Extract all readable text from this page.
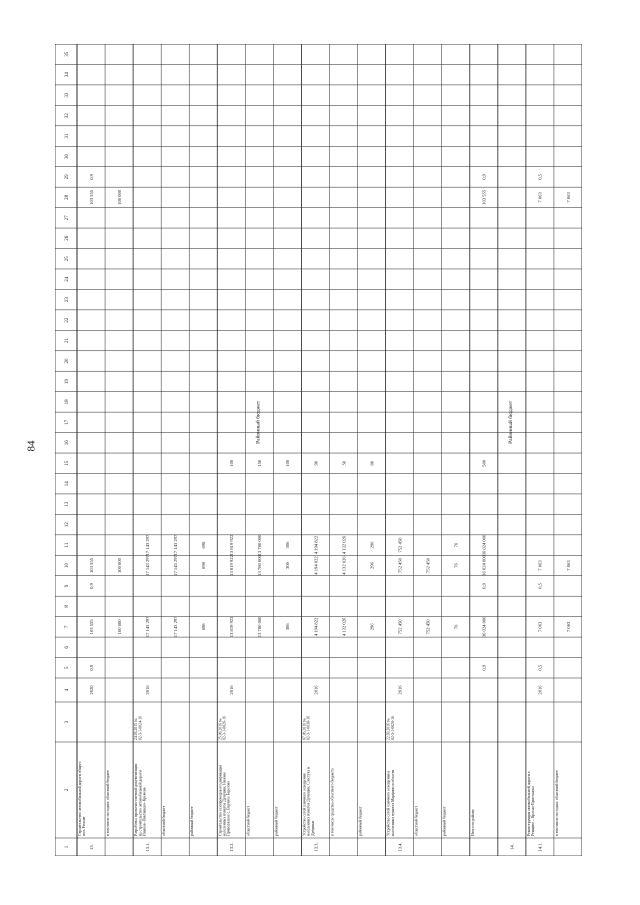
84
1
2
3
4
5
6
7
8
9
10
11
12
13
14
15
16
17
18
19
20
21
22
23
24
25
26
27
28
29
30
31
32
33
34
35
Районный бюджет	Районный бюджет
13.
Строительство автомобильной дороги общего пол. Ремонт
2020
0,9
103 555
0,9
103 555
103 555
0,9
в том числе по годам: областной бюджет
100 000
100 000
100 000
13.1.
Разработка проектно-сметной документации на строительство автомобильной дороги Ишаков–Пиктяшево–Кремень
24.03.2015 № 02-3-1-0024-16
2016
17 143 297
17 143 297
17 143 297
областной бюджет
17 143 297
17 143 297
17 143 297
районный бюджет
698
698
698
13.2.
Строительство газопроводов и газификация населенных пунктов Дунушки, Нижнее Приволжское с. Верхнее Березово
25.06.2016 № 02-3-1-0026-16
2016
13 819 922
13 819 922
13 819 922
100
областной бюджет
13 780 000
13 780 000
13 780 000
150
районный бюджет
306
306
306
100
13.3.
Устройство сетей уличного освещения населенных пунктов Дунушки, Сластуха и Дунушки
07.06.2016 № 02-3-1-0038-16
2016
4 194 822
4 194 822
4 194 822
90
в том числе средства областного бюджета
4 132 026
4 132 026
4 132 026
50
районный бюджет
296
296
296
80
13.4.
Устройство сетей уличного освещения в населенных пунктах Марфино и области
22.03.2016 № 02-3-1-0020-16
2016
752 450
752 450
752 450
областной бюджет
752 450
752 450
районный бюджет
76
76
76
Итого по району
0,9
36 024 000
0,9
36 024 000
36 024 000
500
103 555
0,9
14.	14.1.
Реконструкция автомобильной дороги г. Ртищево – Красно-Пристанско
2016
0,5
7 063
0,5
7 063
7 063
0,5
в том числе по годам: областной бюджет
7 063
7 063
7 063
